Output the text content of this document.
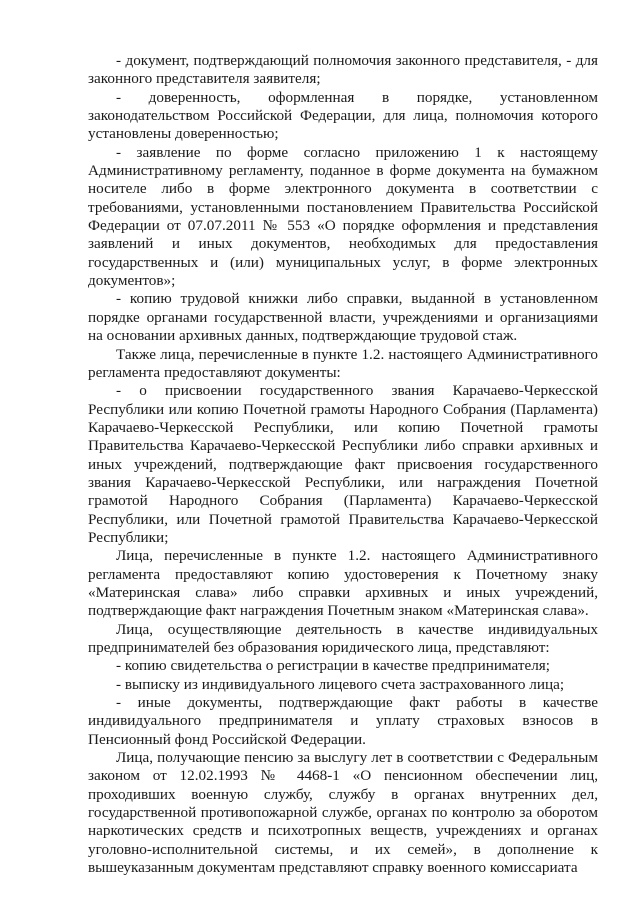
- документ, подтверждающий полномочия законного представителя, - для законного представителя заявителя;

- доверенность, оформленная в порядке, установленном законодательством Российской Федерации, для лица, полномочия которого установлены доверенностью;

- заявление по форме согласно приложению 1 к настоящему Административному регламенту, поданное в форме документа на бумажном носителе либо в форме электронного документа в соответствии с требованиями, установленными постановлением Правительства Российской Федерации от 07.07.2011 № 553 «О порядке оформления и представления заявлений и иных документов, необходимых для предоставления государственных и (или) муниципальных услуг, в форме электронных документов»;

- копию трудовой книжки либо справки, выданной в установленном порядке органами государственной власти, учреждениями и организациями на основании архивных данных, подтверждающие трудовой стаж.

Также лица, перечисленные в пункте 1.2. настоящего Административного регламента предоставляют документы:

- о присвоении государственного звания Карачаево-Черкесской Республики или копию Почетной грамоты Народного Собрания (Парламента) Карачаево-Черкесской Республики, или копию Почетной грамоты Правительства Карачаево-Черкесской Республики либо справки архивных и иных учреждений, подтверждающие факт присвоения государственного звания Карачаево-Черкесской Республики, или награждения Почетной грамотой Народного Собрания (Парламента) Карачаево-Черкесской Республики, или Почетной грамотой Правительства Карачаево-Черкесской Республики;

Лица, перечисленные в пункте 1.2. настоящего Административного регламента предоставляют копию удостоверения к Почетному знаку «Материнская слава» либо справки архивных и иных учреждений, подтверждающие факт награждения Почетным знаком «Материнская слава».

Лица, осуществляющие деятельность в качестве индивидуальных предпринимателей без образования юридического лица, представляют:

- копию свидетельства о регистрации в качестве предпринимателя;

- выписку из индивидуального лицевого счета застрахованного лица;

- иные документы, подтверждающие факт работы в качестве индивидуального предпринимателя и уплату страховых взносов в Пенсионный фонд Российской Федерации.

Лица, получающие пенсию за выслугу лет в соответствии с Федеральным законом от 12.02.1993 № 4468-1 «О пенсионном обеспечении лиц, проходивших военную службу, службу в органах внутренних дел, государственной противопожарной службе, органах по контролю за оборотом наркотических средств и психотропных веществ, учреждениях и органах уголовно-исполнительной системы, и их семей», в дополнение к вышеуказанным документам представляют справку военного комиссариата
